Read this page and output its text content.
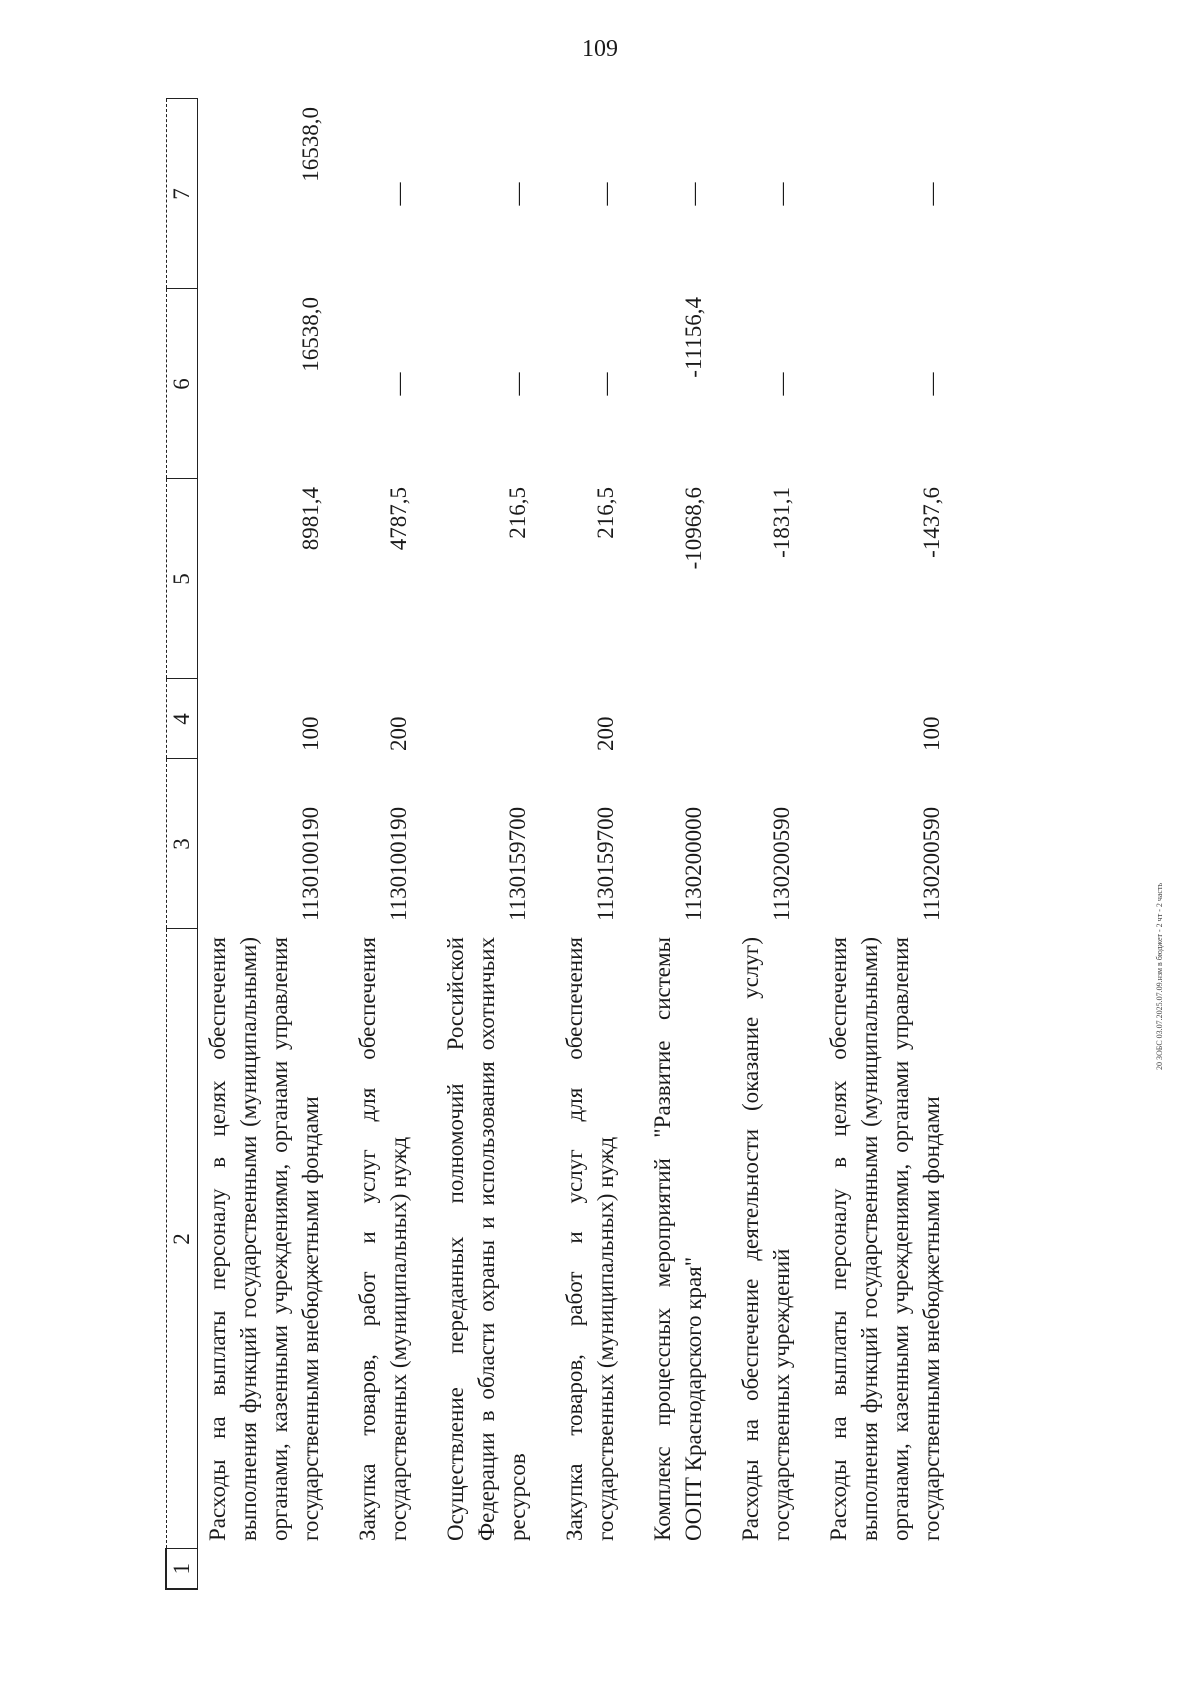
109
20 ЗОБС 03.07.2025.07.09.нзм в бюджет - 2 чт - 2 часть
1	2	3	4	5	6	7
	Расходы на выплаты персоналу в целях обеспечения выполнения функций государственными (муниципальными) органами, казенными учреждениями, органами управления государственными внебюджетными фондами	1130100190	100	8981,4	16538,0	16538,0
	Закупка товаров, работ и услуг для обеспечения государственных (муниципальных) нужд	1130100190	200	4787,5	—	—
	Осуществление переданных полномочий Российской Федерации в области охраны и использования охотничьих ресурсов	1130159700		216,5	—	—
	Закупка товаров, работ и услуг для обеспечения государственных (муниципальных) нужд	1130159700	200	216,5	—	—
	Комплекс процессных мероприятий "Развитие системы ООПТ Краснодарского края"	1130200000		-10968,6	-11156,4	—
	Расходы на обеспечение деятельности (оказание услуг) государственных учреждений	1130200590		-1831,1	—	—
	Расходы на выплаты персоналу в целях обеспечения выполнения функций государственными (муниципальными) органами, казенными учреждениями, органами управления государственными внебюджетными фондами	1130200590	100	-1437,6	—	—
